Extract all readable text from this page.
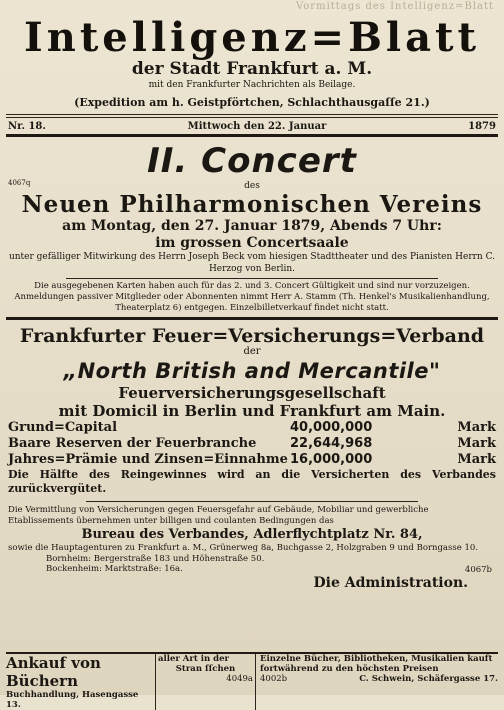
Vormittags des Intelligenz=Blatt
Intelligenz=Blatt
der Stadt Frankfurt a. M.
mit den Frankfurter Nachrichten als Beilage.
(Expedition am h. Geistpförtchen, Schlachthausgaſſe 21.)
Nr. 18.	Mittwoch den 22. Januar	1879
4067q
II. Concert
des
Neuen Philharmonischen Vereins
am Montag, den 27. Januar 1879, Abends 7 Uhr:
im grossen Concertsaale
unter gefälliger Mitwirkung des Herrn Joseph Beck vom hiesigen Stadttheater und des Pianisten Herrn C. Herzog von Berlin.
Die ausgegebenen Karten haben auch für das 2. und 3. Concert Gültigkeit und sind nur vorzuzeigen. Anmeldungen passiver Mitglieder oder Abonnenten nimmt Herr A. Stamm (Th. Henkel's Musikalienhandlung, Theaterplatz 6) entgegen. Einzelbilletverkauf findet nicht statt.
Frankfurter Feuer=Versicherungs=Verband
der
„North British and Mercantile"
Feuerversicherungsgesellschaft
mit Domicil in Berlin und Frankfurt am Main.
Grund=Capital	40,000,000	Mark
Baare Reserven der Feuerbranche	22,644,968	Mark
Jahres=Prämie und Zinsen=Einnahme 16,000,000	Mark
Die Hälfte des Reingewinnes wird an die Versicherten des Verbandes zurückvergütet.
Die Vermittlung von Versicherungen gegen Feuersgefahr auf Gebäude, Mobiliar und gewerbliche Etablissements übernehmen unter billigen und coulanten Bedingungen das
Bureau des Verbandes, Adlerflychtplatz Nr. 84,
sowie die Hauptagenturen zu Frankfurt a. M., Grünerweg 8a, Buchgasse 2, Holzgraben 9 und Borngasse 10.
Bornheim: Bergerstraße 183 und Höhenstraße 50.
Bockenheim: Marktstraße: 16a.	4067b
Die Administration.
Ankauf von Büchern
Buchhandlung, Hasengasse 13.
aller Art in der
Stran ſſchen
4049a
Einzelne Bücher, Bibliotheken, Musikalien kauft
fortwährend zu den höchsten Preisen
4002b	C. Schwein, Schäfergasse 17.
